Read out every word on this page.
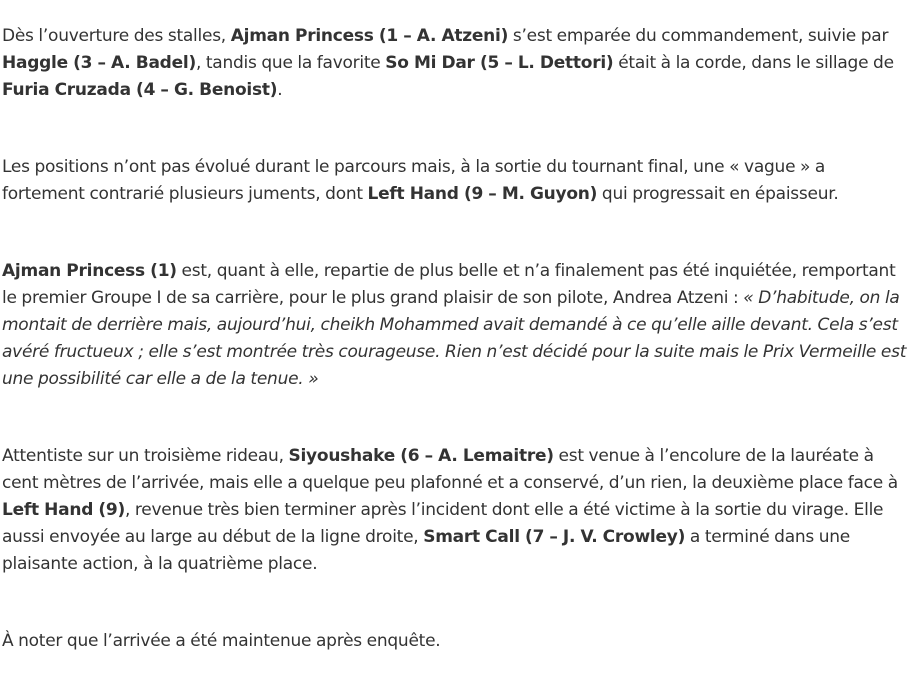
Dès l’ouverture des stalles, Ajman Princess (1 – A. Atzeni) s’est emparée du commandement, suivie par Haggle (3 – A. Badel), tandis que la favorite So Mi Dar (5 – L. Dettori) était à la corde, dans le sillage de Furia Cruzada (4 – G. Benoist).

Les positions n’ont pas évolué durant le parcours mais, à la sortie du tournant final, une « vague » a fortement contrarié plusieurs juments, dont Left Hand (9 – M. Guyon) qui progressait en épaisseur.

Ajman Princess (1) est, quant à elle, repartie de plus belle et n’a finalement pas été inquiétée, remportant le premier Groupe I de sa carrière, pour le plus grand plaisir de son pilote, Andrea Atzeni : « D’habitude, on la montait de derrière mais, aujourd’hui, cheikh Mohammed avait demandé à ce qu’elle aille devant. Cela s’est avéré fructueux ; elle s’est montrée très courageuse. Rien n’est décidé pour la suite mais le Prix Vermeille est une possibilité car elle a de la tenue. »

Attentiste sur un troisième rideau, Siyoushake (6 – A. Lemaitre) est venue à l’encolure de la lauréate à cent mètres de l’arrivée, mais elle a quelque peu plafonné et a conservé, d’un rien, la deuxième place face à Left Hand (9), revenue très bien terminer après l’incident dont elle a été victime à la sortie du virage. Elle aussi envoyée au large au début de la ligne droite, Smart Call (7 – J. V. Crowley) a terminé dans une plaisante action, à la quatrième place.

À noter que l’arrivée a été maintenue après enquête.
